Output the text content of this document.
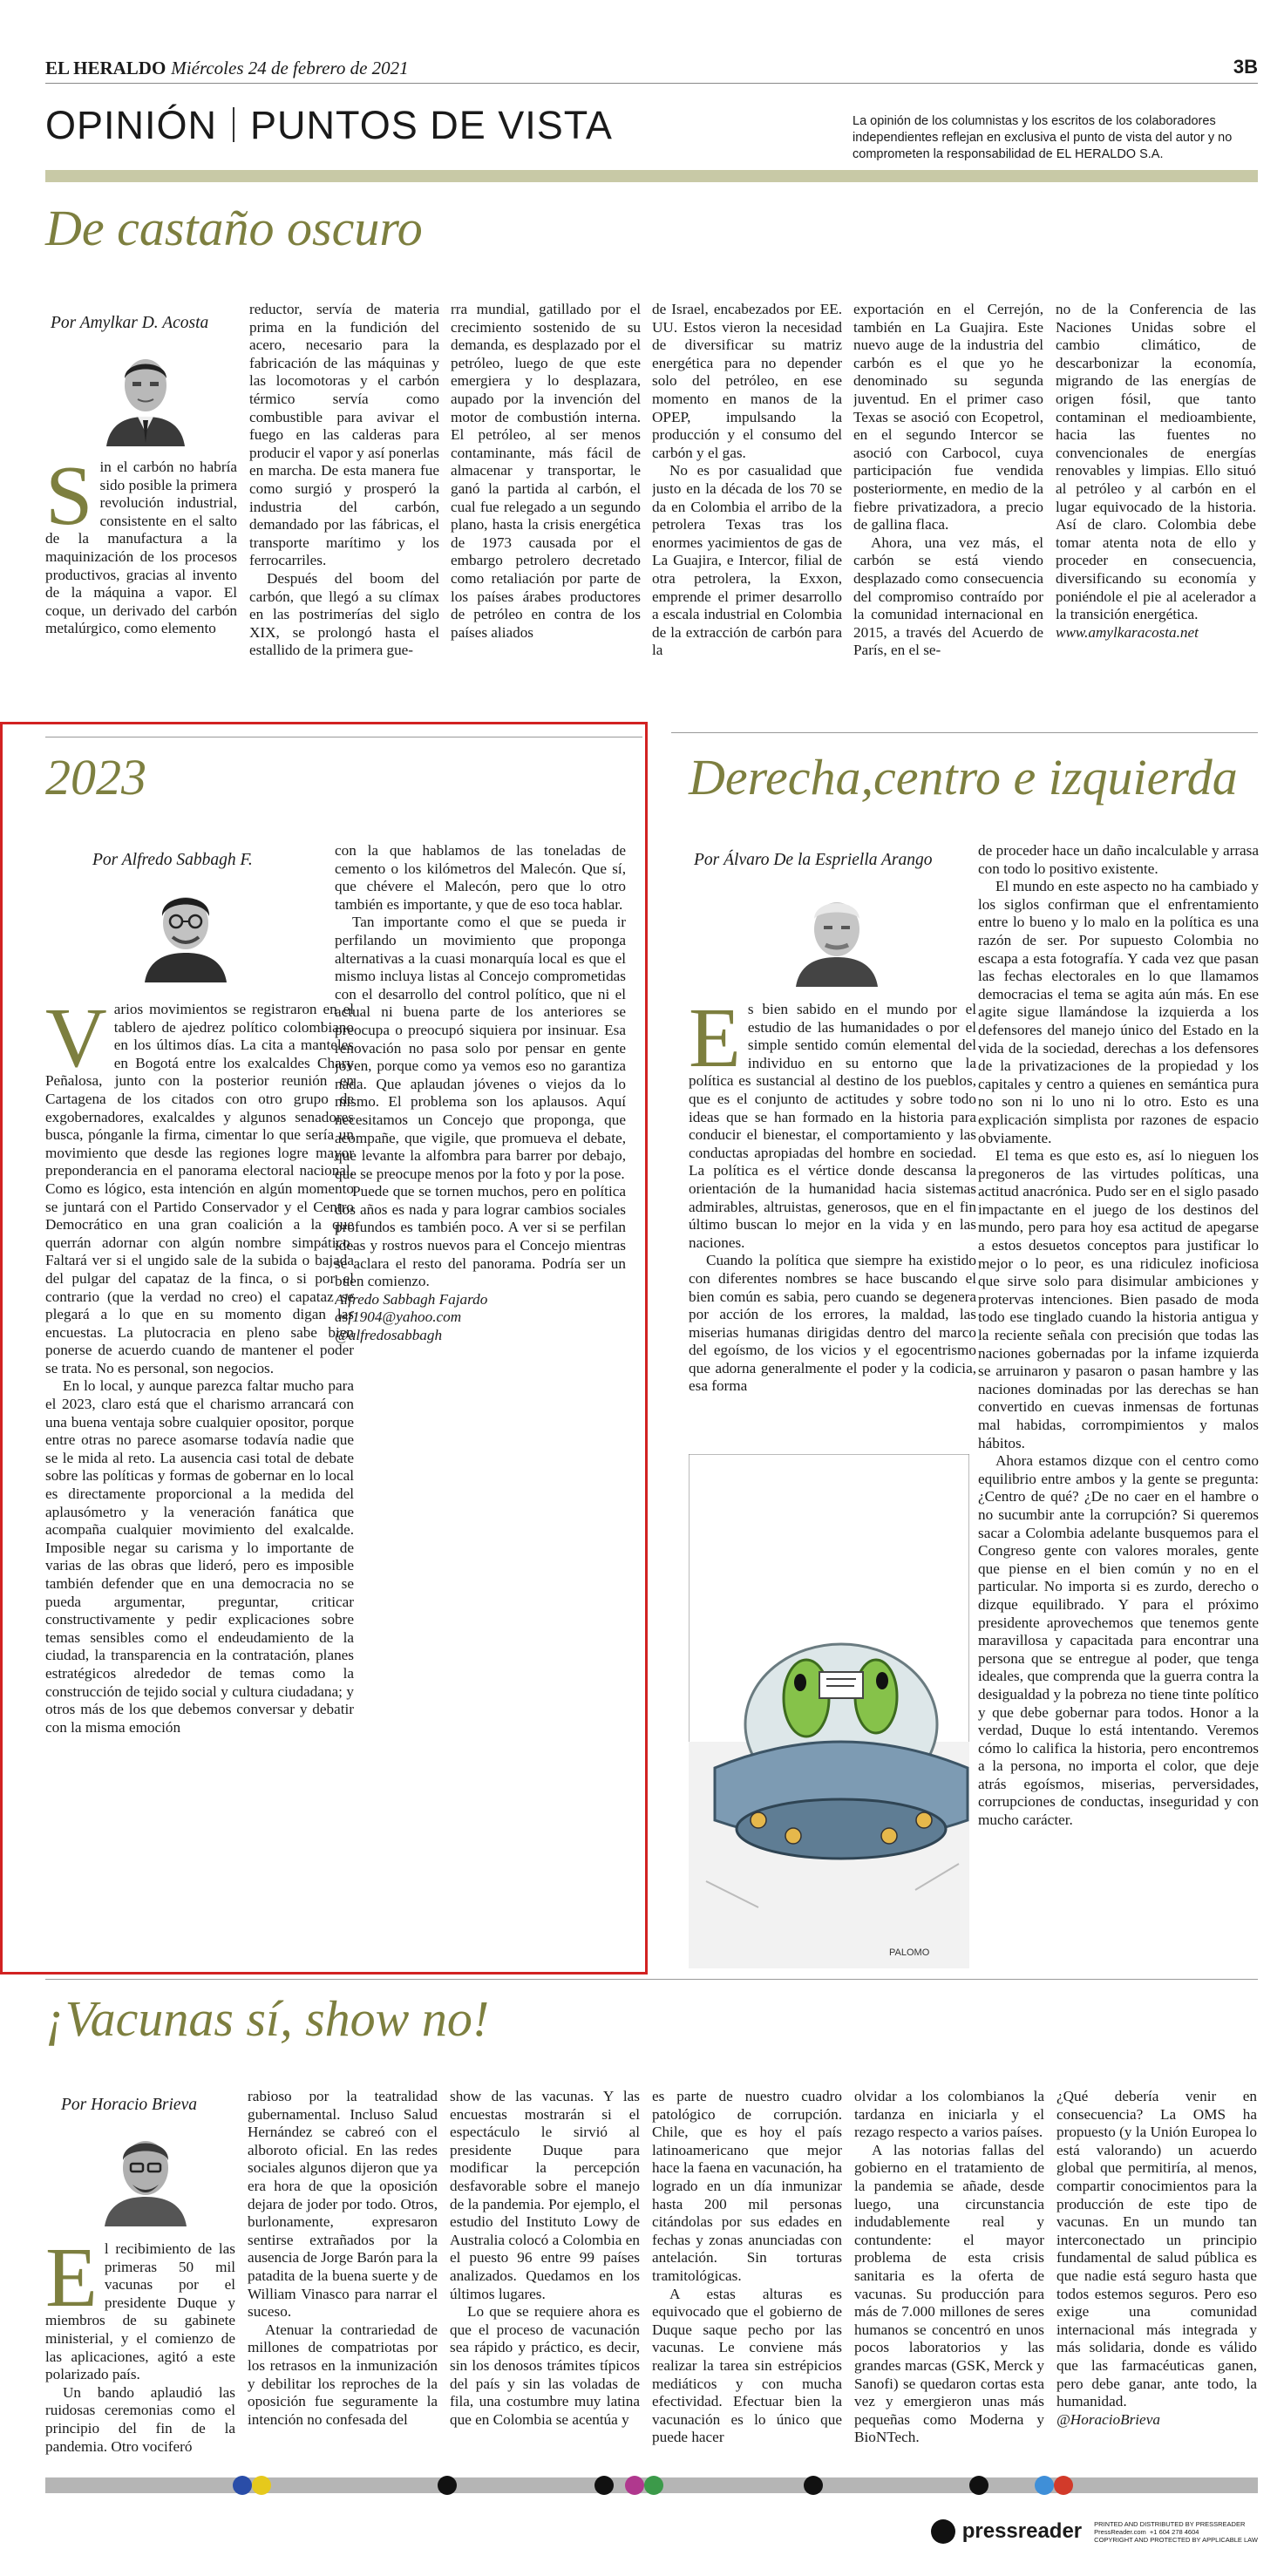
EL HERALDO Miércoles 24 de febrero de 2021	3B
OPINIÓN PUNTOS DE VISTA	La opinión de los columnistas y los escritos de los colaboradores independientes reflejan en exclusiva el punto de vista del autor y no comprometen la responsabilidad de EL HERALDO S.A.
De castaño oscuro
Por Amylkar D. Acosta

Sin el carbón no habría sido posible la primera revolución industrial, consistente en el salto de la manufactura a la maquinización de los procesos productivos, gracias al invento de la máquina a vapor. El coque, un derivado del carbón metalúrgico, como elemento

reductor, servía de materia prima en la fundición del acero, necesario para la fabricación de las máquinas y las locomotoras y el carbón térmico servía como combustible para avivar el fuego en las calderas para producir el vapor y así ponerlas en marcha. De esta manera fue como surgió y prosperó la industria del carbón, demandado por las fábricas, el transporte marítimo y los ferrocarriles.

Después del boom del carbón, que llegó a su clímax en las postrimerías del siglo XIX, se prolongó hasta el estallido de la primera gue-

rra mundial, gatillado por el crecimiento sostenido de su demanda, es desplazado por el petróleo, luego de que este emergiera y lo desplazara, aupado por la invención del motor de combustión interna. El petróleo, al ser menos contaminante, más fácil de almacenar y transportar, le ganó la partida al carbón, el cual fue relegado a un segundo plano, hasta la crisis energética de 1973 causada por el embargo petrolero decretado como retaliación por parte de los países árabes productores de petróleo en contra de los países aliados

de Israel, encabezados por EE. UU. Estos vieron la necesidad de diversificar su matriz energética para no depender solo del petróleo, en ese momento en manos de la OPEP, impulsando la producción y el consumo del carbón y el gas.

No es por casualidad que justo en la década de los 70 se da en Colombia el arribo de la petrolera Texas tras los enormes yacimientos de gas de La Guajira, e Intercor, filial de otra petrolera, la Exxon, emprende el primer desarrollo a escala industrial en Colombia de la extracción de carbón para la

exportación en el Cerrejón, también en La Guajira. Este nuevo auge de la industria del carbón es el que yo he denominado su segunda juventud. En el primer caso Texas se asoció con Ecopetrol, en el segundo Intercor se asoció con Carbocol, cuya participación fue vendida posteriormente, en medio de la fiebre privatizadora, a precio de gallina flaca.

Ahora, una vez más, el carbón se está viendo desplazado como consecuencia del compromiso contraído por la comunidad internacional en 2015, a través del Acuerdo de París, en el se-

no de la Conferencia de las Naciones Unidas sobre el cambio climático, de descarbonizar la economía, migrando de las energías de origen fósil, que tanto contaminan el medioambiente, hacia las fuentes no convencionales de energías renovables y limpias. Ello situó al petróleo y al carbón en el lugar equivocado de la historia. Así de claro. Colombia debe tomar atenta nota de ello y proceder en consecuencia, diversificando su economía y poniéndole el pie al acelerador a la transición energética.

www.amylkaracosta.net

2023
Por Alfredo Sabbagh F.

Varios movimientos se registraron en el tablero de ajedrez político colombiano en los últimos días. La cita a manteles en Bogotá entre los exalcaldes Chary Peñalosa, junto con la posterior reunión en Cartagena de los citados con otro grupo de exgobernadores, exalcaldes y algunos senadores busca, pónganle la firma, cimentar lo que sería un movimiento que desde las regiones logre mayor preponderancia en el panorama electoral nacional. Como es lógico, esta intención en algún momento se juntará con el Partido Conservador y el Centro Democrático en una gran coalición a la que querrán adornar con algún nombre simpático. Faltará ver si el ungido sale de la subida o bajada del pulgar del capataz de la finca, o si por el contrario (que la verdad no creo) el capataz se plegará a lo que en su momento digan las encuestas. La plutocracia en pleno sabe bien ponerse de acuerdo cuando de mantener el poder se trata. No es personal, son negocios.

En lo local, y aunque parezca faltar mucho para el 2023, claro está que el charismo arrancará con una buena ventaja sobre cualquier opositor, porque entre otras no parece asomarse todavía nadie que se le mida al reto. La ausencia casi total de debate sobre las políticas y formas de gobernar en lo local es directamente proporcional a la medida del aplausómetro y la veneración fanática que acompaña cualquier movimiento del exalcalde. Imposible negar su carisma y lo importante de varias de las obras que lideró, pero es imposible también defender que en una democracia no se pueda argumentar, preguntar, criticar constructivamente y pedir explicaciones sobre temas sensibles como el endeudamiento de la ciudad, la transparencia en la contratación, planes estratégicos alrededor de temas como la construcción de tejido social y cultura ciudadana; y otros más de los que debemos conversar y debatir con la misma emoción

con la que hablamos de las toneladas de cemento o los kilómetros del Malecón. Que sí, que chévere el Malecón, pero que lo otro también es importante, y que de eso toca hablar.

Tan importante como el que se pueda ir perfilando un movimiento que proponga alternativas a la cuasi monarquía local es que el mismo incluya listas al Concejo comprometidas con el desarrollo del control político, que ni el actual ni buena parte de los anteriores se preocupa o preocupó siquiera por insinuar. Esa renovación no pasa solo por pensar en gente joven, porque como ya vemos eso no garantiza nada. Que aplaudan jóvenes o viejos da lo mismo. El problema son los aplausos. Aquí necesitamos un Concejo que proponga, que acompañe, que vigile, que promueva el debate, que levante la alfombra para barrer por debajo, que se preocupe menos por la foto y por la pose.

Puede que se tornen muchos, pero en política dos años es nada y para lograr cambios sociales profundos es también poco. A ver si se perfilan ideas y rostros nuevos para el Concejo mientras se aclara el resto del panorama. Podría ser un buen comienzo.

Alfredo Sabbagh Fajardo

asf1904@yahoo.com

@alfredosabbagh

Derecha,centro e izquierda
Por Álvaro De la Espriella Arango

Es bien sabido en el mundo por el estudio de las humanidades o por el simple sentido común elemental del individuo en su entorno que la política es sustancial al destino de los pueblos, que es el conjunto de actitudes y sobre todo ideas que se han formado en la historia para conducir el bienestar, el comportamiento y las conductas apropiadas del hombre en sociedad. La política es el vértice donde descansa la orientación de la humanidad hacia sistemas admirables, altruistas, generosos, que en el fin último buscan lo mejor en la vida y en las naciones.

Cuando la política que siempre ha existido con diferentes nombres se hace buscando el bien común es sabia, pero cuando se degenera por acción de los errores, la maldad, las miserias humanas dirigidas dentro del marco del egoísmo, de los vicios y el egocentrismo que adorna generalmente el poder y la codicia, esa forma

de proceder hace un daño incalculable y arrasa con todo lo positivo existente.

El mundo en este aspecto no ha cambiado y los siglos confirman que el enfrentamiento entre lo bueno y lo malo en la política es una razón de ser. Por supuesto Colombia no escapa a esta fotografía. Y cada vez que pasan las fechas electorales en lo que llamamos democracias el tema se agita aún más. En ese agite sigue llamándose la izquierda a los defensores del manejo único del Estado en la vida de la sociedad, derechas a los defensores de la privatizaciones de la propiedad y los capitales y centro a quienes en semántica pura no son ni lo uno ni lo otro. Esto es una explicación simplista por razones de espacio obviamente.

El tema es que esto es, así lo nieguen los pregoneros de las virtudes políticas, una actitud anacrónica. Pudo ser en el siglo pasado impactante en el juego de los destinos del mundo, pero para hoy esa actitud de apegarse a estos desuetos conceptos para justificar lo mejor o lo peor, es una ridiculez inoficiosa que sirve solo para disimular ambiciones y protervas intenciones. Bien pasado de moda todo ese tinglado cuando la historia antigua y la reciente señala con precisión que todas las naciones gobernadas por la infame izquierda se arruinaron y pasaron o pasan hambre y las naciones dominadas por las derechas se han convertido en cuevas inmensas de fortunas mal habidas, corrompimientos y malos hábitos.

Ahora estamos dizque con el centro como equilibrio entre ambos y la gente se pregunta: ¿Centro de qué? ¿De no caer en el hambre o no sucumbir ante la corrupción? Si queremos sacar a Colombia adelante busquemos para el Congreso gente con valores morales, gente que piense en el bien común y no en el particular. No importa si es zurdo, derecho o dizque equilibrado. Y para el próximo presidente aprovechemos que tenemos gente maravillosa y capacitada para encontrar una persona que se entregue al poder, que tenga ideales, que comprenda que la guerra contra la desigualdad y la pobreza no tiene tinte político y que debe gobernar para todos. Honor a la verdad, Duque lo está intentando. Veremos cómo lo califica la historia, pero encontremos a la persona, no importa el color, que deje atrás egoísmos, miserias, perversidades, corrupciones de conductas, inseguridad y con mucho carácter.

PALOMO
¡Vacunas sí, show no!
Por Horacio Brieva

El recibimiento de las primeras 50 mil vacunas por el presidente Duque y miembros de su gabinete ministerial, y el comienzo de las aplicaciones, agitó a este polarizado país.

Un bando aplaudió las ruidosas ceremonias como el principio del fin de la pandemia. Otro vociferó

rabioso por la teatralidad gubernamental. Incluso Salud Hernández se cabreó con el alboroto oficial. En las redes sociales algunos dijeron que ya era hora de que la oposición dejara de joder por todo. Otros, burlonamente, expresaron sentirse extrañados por la ausencia de Jorge Barón para la patadita de la buena suerte y de William Vinasco para narrar el suceso.

Atenuar la contrariedad de millones de compatriotas por los retrasos en la inmunización y debilitar los reproches de la oposición fue seguramente la intención no confesada del

show de las vacunas. Y las encuestas mostrarán si el espectáculo le sirvió al presidente Duque para modificar la percepción desfavorable sobre el manejo de la pandemia. Por ejemplo, el estudio del Instituto Lowy de Australia colocó a Colombia en el puesto 96 entre 99 países analizados. Quedamos en los últimos lugares.

Lo que se requiere ahora es que el proceso de vacunación sea rápido y práctico, es decir, sin los denosos trámites típicos del país y sin las voladas de fila, una costumbre muy latina que en Colombia se acentúa y

es parte de nuestro cuadro patológico de corrupción. Chile, que es hoy el país latinoamericano que mejor hace la faena en vacunación, ha logrado en un día inmunizar hasta 200 mil personas citándolas por sus edades en fechas y zonas anunciadas con antelación. Sin torturas tramitológicas.

A estas alturas es equivocado que el gobierno de Duque saque pecho por las vacunas. Le conviene más realizar la tarea sin estrépicios mediáticos y con mucha efectividad. Efectuar bien la vacunación es lo único que puede hacer

olvidar a los colombianos la tardanza en iniciarla y el rezago respecto a varios países.

A las notorias fallas del gobierno en el tratamiento de la pandemia se añade, desde luego, una circunstancia indudablemente real y contundente: el mayor problema de esta crisis sanitaria es la oferta de vacunas. Su producción para más de 7.000 millones de seres humanos se concentró en unos pocos laboratorios y las grandes marcas (GSK, Merck y Sanofi) se quedaron cortas esta vez y emergieron unas más pequeñas como Moderna y BioNTech.

¿Qué debería venir en consecuencia? La OMS ha propuesto (y la Unión Europea lo está valorando) un acuerdo global que permitiría, al menos, compartir conocimientos para la producción de este tipo de vacunas. En un mundo tan interconectado un principio fundamental de salud pública es que nadie está seguro hasta que todos estemos seguros. Pero eso exige una comunidad internacional más integrada y más solidaria, donde es válido que las farmacéuticas ganen, pero debe ganar, ante todo, la humanidad.

@HoracioBrieva

pressreader PRINTED AND DISTRIBUTED BY PRESSREADER
PressReader.com  +1 604 278 4604
COPYRIGHT AND PROTECTED BY APPLICABLE LAW
